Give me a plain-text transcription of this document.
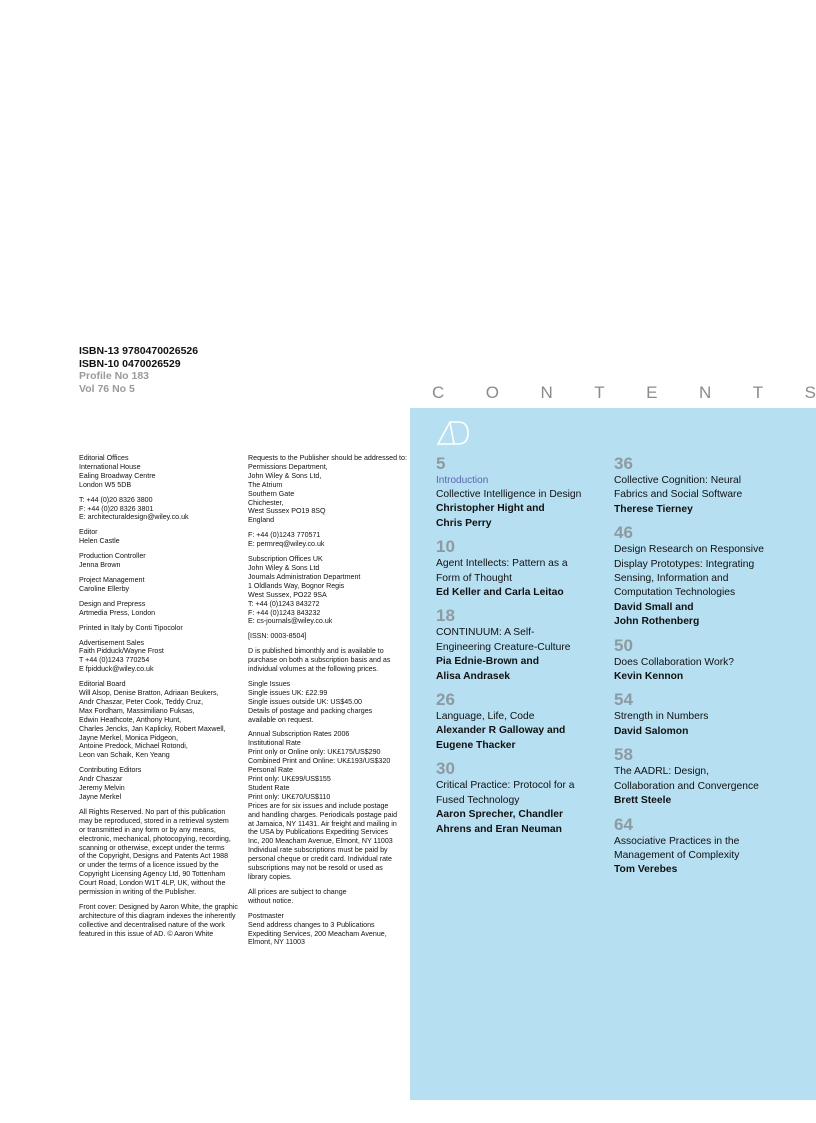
ISBN-13 9780470026526
ISBN-10 0470026529
Profile No 183
Vol 76 No 5	C O N T E N T S

Editorial Offices
International House
Ealing Broadway Centre
London W5 5DB

T: +44 (0)20 8326 3800
F: +44 (0)20 8326 3801
E: architecturaldesign@wiley.co.uk

Editor
Helen Castle

Production Controller
Jenna Brown

Project Management
Caroline Ellerby

Design and Prepress
Artmedia Press, London

Printed in Italy by Conti Tipocolor

Advertisement Sales
Faith Pidduck/Wayne Frost
T +44 (0)1243 770254
E fpidduck@wiley.co.uk

Editorial Board
Will Alsop, Denise Bratton, Adriaan Beukers,
Andr Chaszar, Peter Cook, Teddy Cruz,
Max Fordham, Massimiliano Fuksas,
Edwin Heathcote, Anthony Hunt,
Charles Jencks, Jan Kaplicky, Robert Maxwell,
Jayne Merkel, Monica Pidgeon,
Antoine Predock, Michael Rotondi,
Leon van Schaik, Ken Yeang

Contributing Editors
Andr Chaszar
Jeremy Melvin
Jayne Merkel

All Rights Reserved. No part of this publication
may be reproduced, stored in a retrieval system
or transmitted in any form or by any means,
electronic, mechanical, photocopying, recording,
scanning or otherwise, except under the terms
of the Copyright, Designs and Patents Act 1988
or under the terms of a licence issued by the
Copyright Licensing Agency Ltd, 90 Tottenham
Court Road, London W1T 4LP, UK, without the
permission in writing of the Publisher.

Front cover: Designed by Aaron White, the graphic
architecture of this diagram indexes the inherently
collective and decentralised nature of the work
featured in this issue of AD. © Aaron White

Requests to the Publisher should be addressed to:
Permissions Department,
John Wiley & Sons Ltd,
The Atrium
Southern Gate
Chichester,
West Sussex PO19 8SQ
England

F: +44 (0)1243 770571
E: permreq@wiley.co.uk

Subscription Offices UK
John Wiley & Sons Ltd
Journals Administration Department
1 Oldlands Way, Bognor Regis
West Sussex, PO22 9SA
T: +44 (0)1243 843272
F: +44 (0)1243 843232
E: cs-journals@wiley.co.uk

[ISSN: 0003-8504]

D is published bimonthly and is available to
purchase on both a subscription basis and as
individual volumes at the following prices.

Single Issues
Single issues UK: £22.99
Single issues outside UK: US$45.00
Details of postage and packing charges
available on request.

Annual Subscription Rates 2006
Institutional Rate
Print only or Online only: UK£175/US$290
Combined Print and Online: UK£193/US$320
Personal Rate
Print only: UK£99/US$155
Student Rate
Print only: UK£70/US$110
Prices are for six issues and include postage
and handling charges. Periodicals postage paid
at Jamaica, NY 11431. Air freight and mailing in
the USA by Publications Expediting Services
Inc, 200 Meacham Avenue, Elmont, NY 11003
Individual rate subscriptions must be paid by
personal cheque or credit card. Individual rate
subscriptions may not be resold or used as
library copies.

All prices are subject to change
without notice.

Postmaster
Send address changes to 3 Publications
Expediting Services, 200 Meacham Avenue,
Elmont, NY 11003

5
Introduction
Collective Intelligence in Design
Christopher Hight and
Chris Perry
10
Agent Intellects: Pattern as a
Form of Thought
Ed Keller and Carla Leitao
18
CONTINUUM: A Self-
Engineering Creature-Culture
Pia Ednie-Brown and
Alisa Andrasek
26
Language, Life, Code
Alexander R Galloway and
Eugene Thacker
30
Critical Practice: Protocol for a
Fused Technology
Aaron Sprecher, Chandler
Ahrens and Eran Neuman
36
Collective Cognition: Neural
Fabrics and Social Software
Therese Tierney
46
Design Research on Responsive
Display Prototypes: Integrating
Sensing, Information and
Computation Technologies
David Small and
John Rothenberg
50
Does Collaboration Work?
Kevin Kennon
54
Strength in Numbers
David Salomon
58
The AADRL: Design,
Collaboration and Convergence
Brett Steele
64
Associative Practices in the
Management of Complexity
Tom Verebes
